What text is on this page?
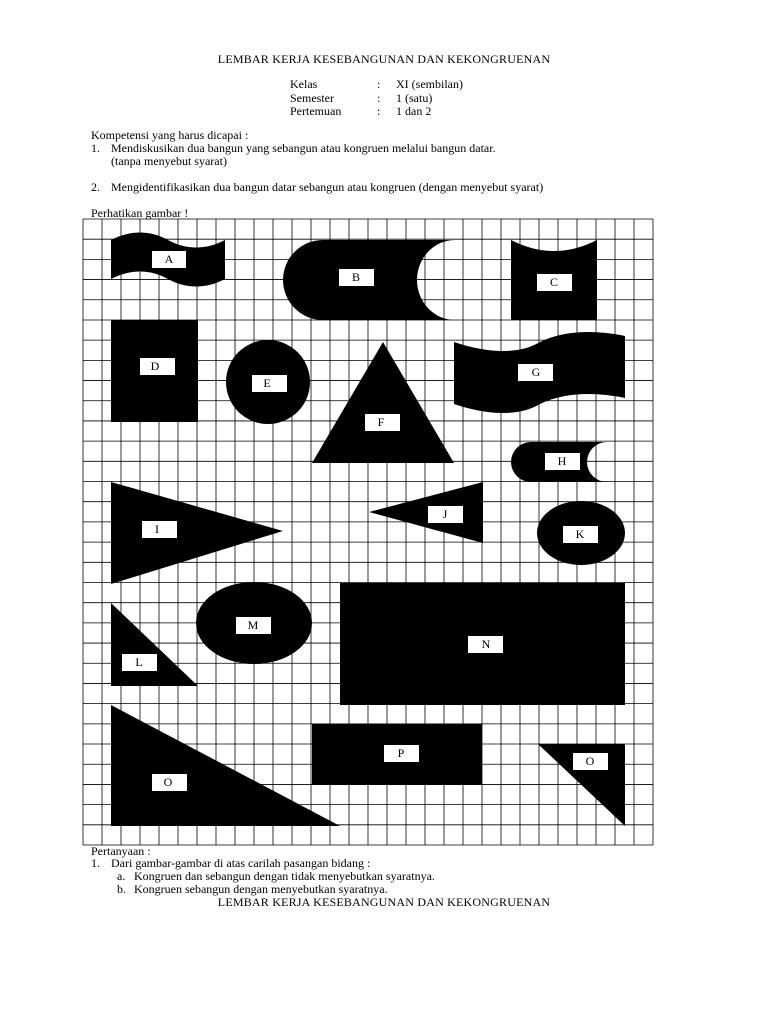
LEMBAR KERJA KESEBANGUNAN DAN KEKONGRUENAN
Kelas	: XI (sembilan)
Semester	: 1 (satu)
Pertemuan	: 1 dan 2
Kompetensi yang harus dicapai :
1. Mendiskusikan dua bangun yang sebangun atau kongruen melalui bangun datar.
(tanpa menyebut syarat)
2. Mengidentifikasikan dua bangun datar sebangun atau kongruen (dengan menyebut syarat)
Perhatikan gambar !
A
B	C
D
E
F
G
H
I
J
K
L
M
N
O
P
O
Pertanyaan :
1. Dari gambar-gambar di atas carilah pasangan bidang :
a. Kongruen dan sebangun dengan tidak menyebutkan syaratnya.
b. Kongruen sebangun dengan menyebutkan syaratnya.
LEMBAR KERJA KESEBANGUNAN DAN KEKONGRUENAN
